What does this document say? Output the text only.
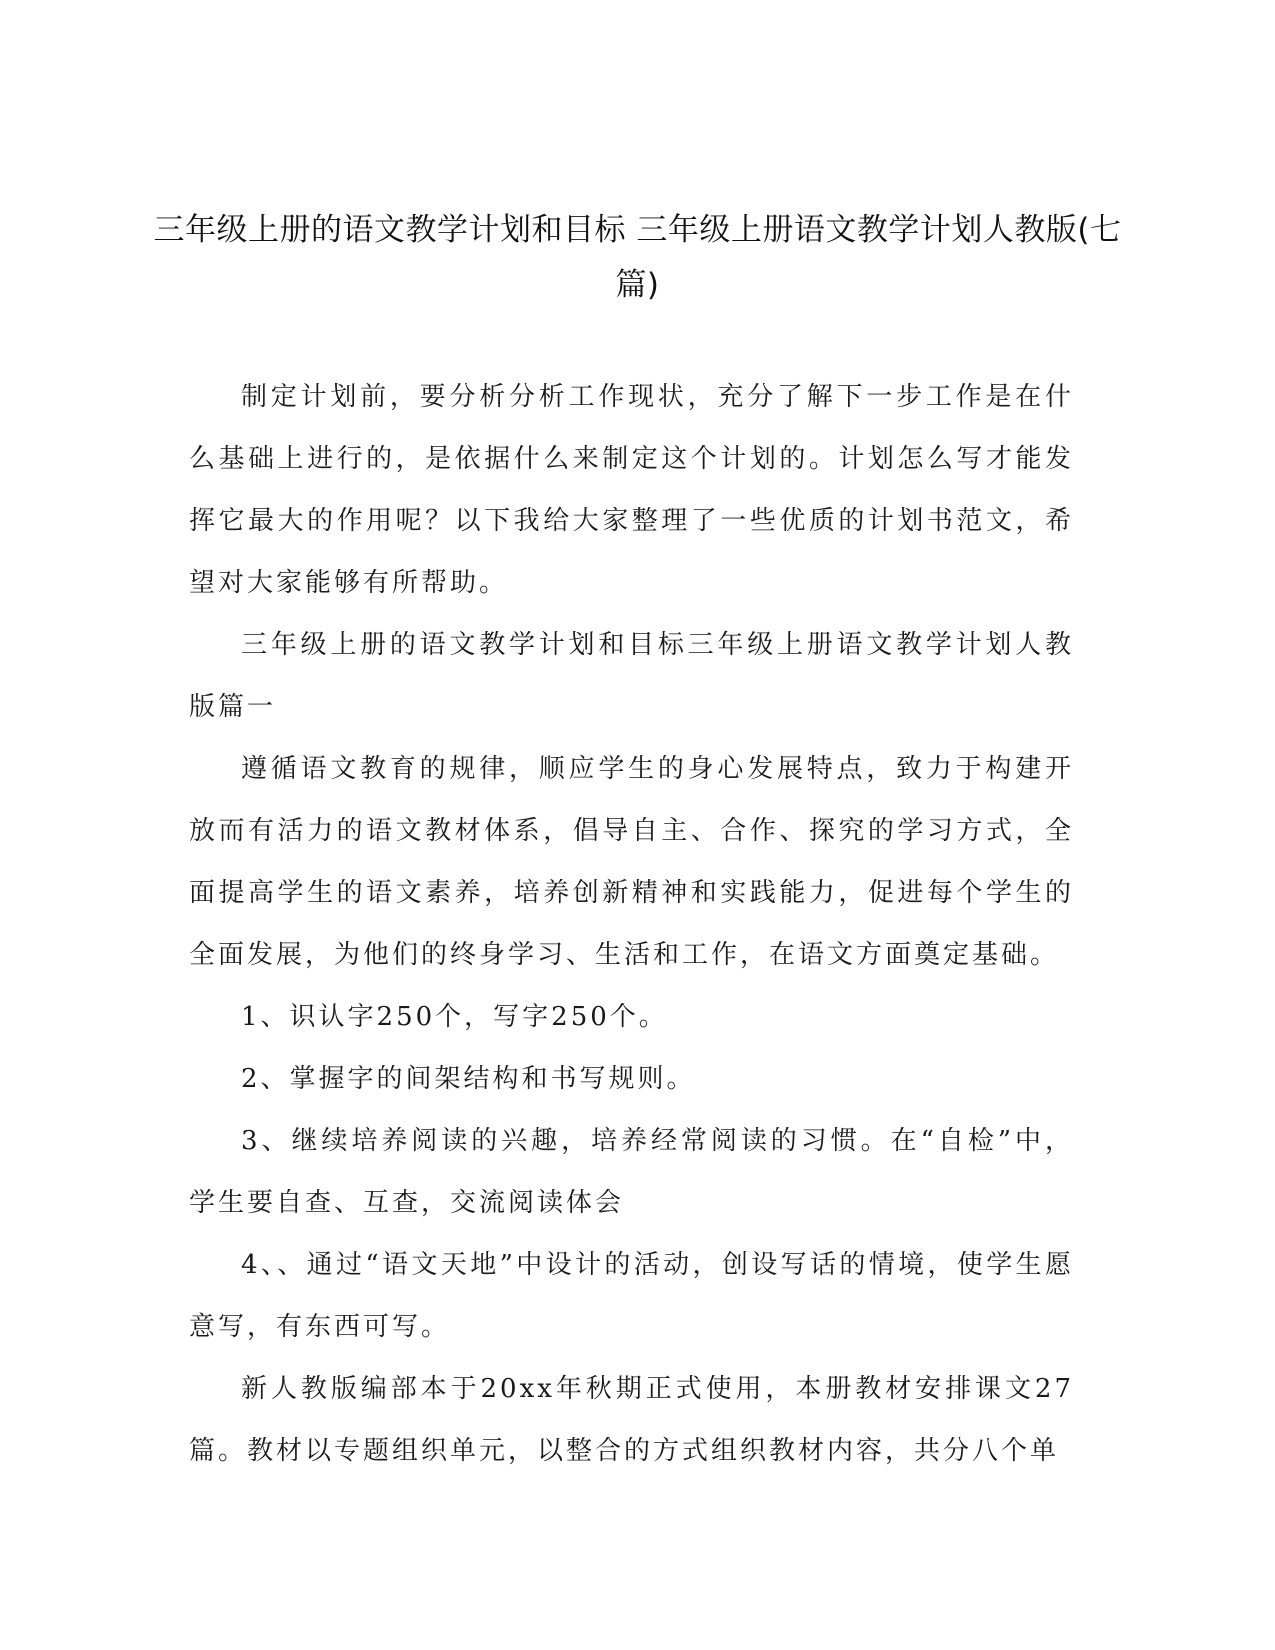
三年级上册的语文教学计划和目标 三年级上册语文教学计划人教版(七篇)

制定计划前，要分析分析工作现状，充分了解下一步工作是在什么基础上进行的，是依据什么来制定这个计划的。计划怎么写才能发挥它最大的作用呢？以下我给大家整理了一些优质的计划书范文，希望对大家能够有所帮助。

三年级上册的语文教学计划和目标三年级上册语文教学计划人教版篇一

遵循语文教育的规律，顺应学生的身心发展特点，致力于构建开放而有活力的语文教材体系，倡导自主、合作、探究的学习方式，全面提高学生的语文素养，培养创新精神和实践能力，促进每个学生的全面发展，为他们的终身学习、生活和工作，在语文方面奠定基础。

1、识认字250个，写字250个。

2、掌握字的间架结构和书写规则。

3、继续培养阅读的兴趣，培养经常阅读的习惯。在“自检”中，学生要自查、互查，交流阅读体会

4、、通过“语文天地”中设计的活动，创设写话的情境，使学生愿意写，有东西可写。

新人教版编部本于20xx年秋期正式使用，本册教材安排课文27篇。教材以专题组织单元，以整合的方式组织教材内容，共分八个单
